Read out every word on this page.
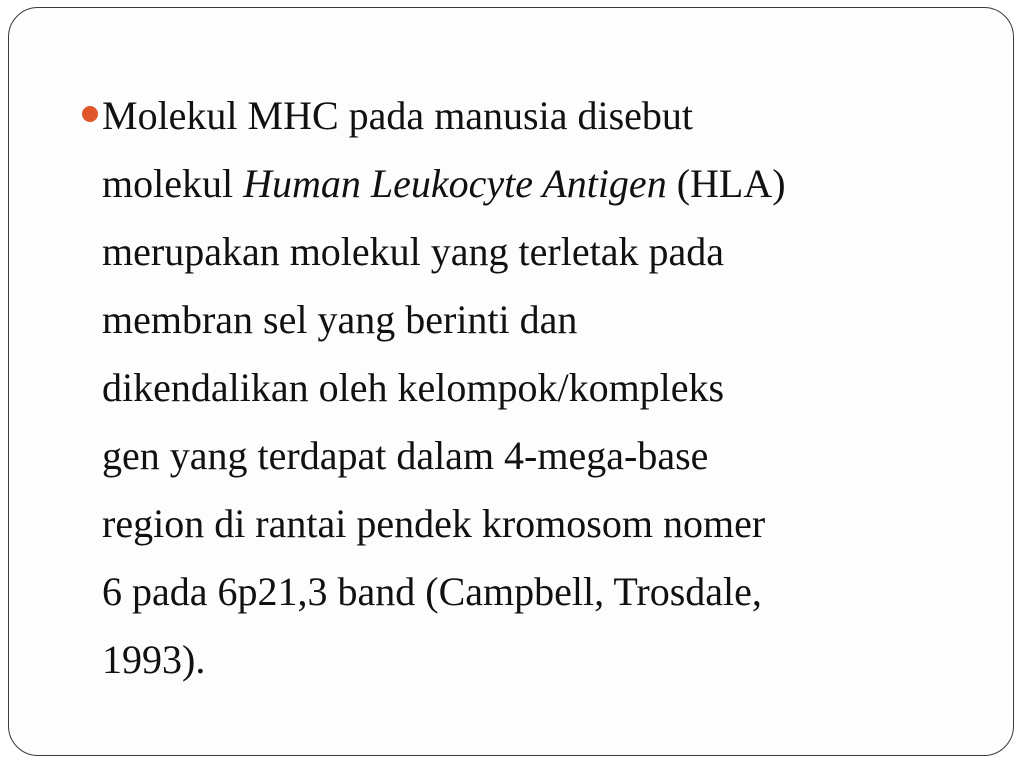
Molekul MHC pada manusia disebut
molekul Human Leukocyte Antigen (HLA)
merupakan molekul yang terletak pada
membran sel yang berinti dan
dikendalikan oleh kelompok/kompleks
gen yang terdapat dalam 4-mega-base
region di rantai pendek kromosom nomer
6 pada 6p21,3 band (Campbell, Trosdale,
1993).
